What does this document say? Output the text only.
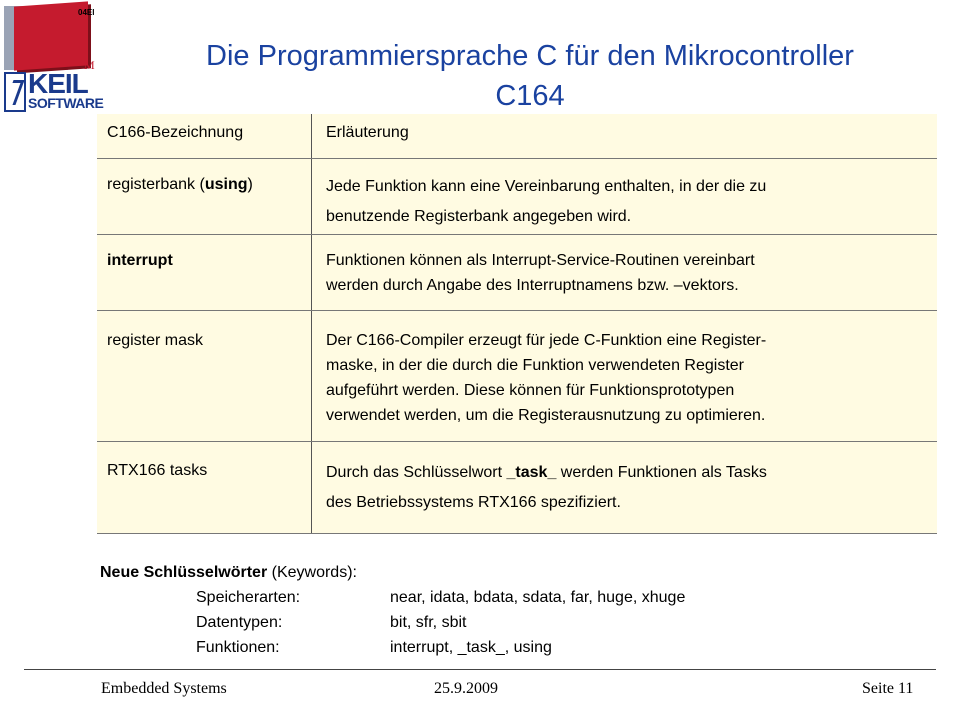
04EI
M
KEIL
SOFTWARE
Die Programmiersprache C für den Mikrocontroller
C164
C166-Bezeichnung	Erläuterung
registerbank (using)	Jede Funktion kann eine Vereinbarung enthalten, in der die zu
benutzende Registerbank angegeben wird.
interrupt	Funktionen können als Interrupt-Service-Routinen vereinbart
werden durch Angabe des Interruptnamens bzw. –vektors.
register mask	Der C166-Compiler erzeugt für jede C-Funktion eine Register-
maske, in der die durch die Funktion verwendeten Register
aufgeführt werden. Diese können für Funktionsprototypen
verwendet werden, um die Registerausnutzung zu optimieren.
RTX166 tasks	Durch das Schlüsselwort _task_ werden Funktionen als Tasks
des Betriebssystems RTX166 spezifiziert.
Neue Schlüsselwörter (Keywords):
Speicherarten:	near, idata, bdata, sdata, far, huge, xhuge
Datentypen:	bit, sfr, sbit
Funktionen:	interrupt, _task_, using
Embedded Systems	25.9.2009	Seite 11
